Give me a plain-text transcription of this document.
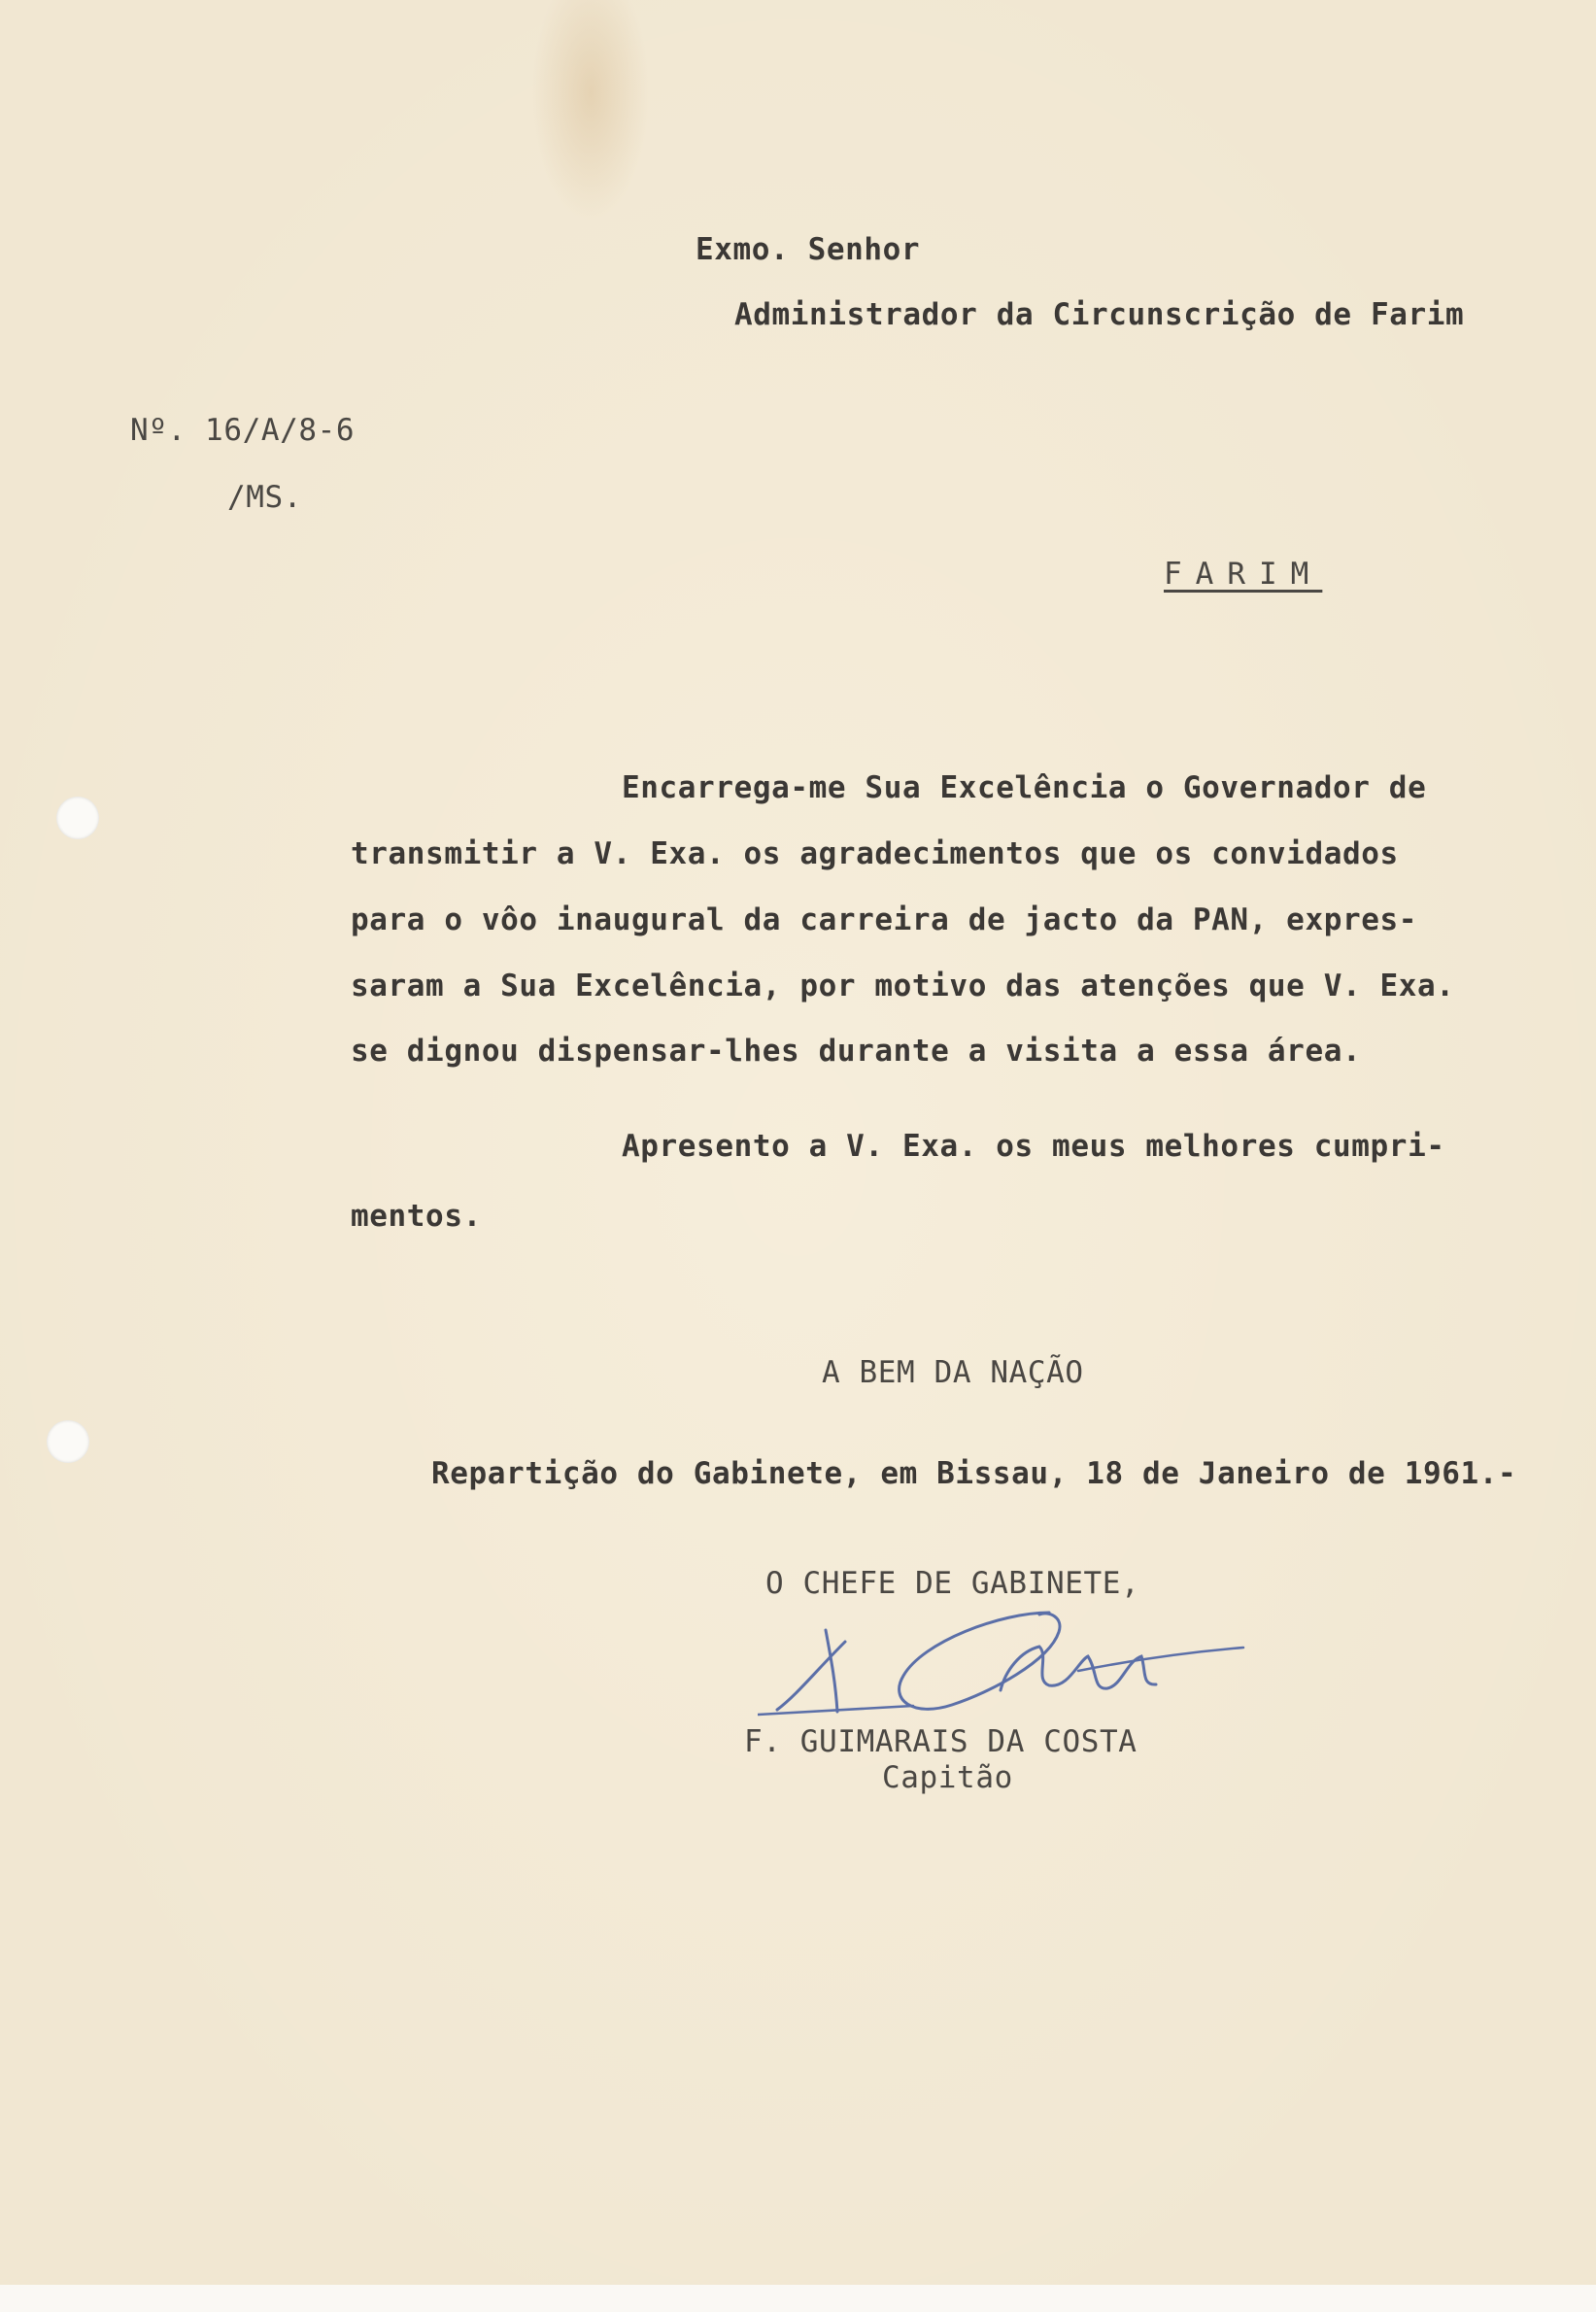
Exmo. Senhor
Administrador da Circunscrição de Farim
Nº. 16/A/8-6
/MS.
FARIM
Encarrega-me Sua Excelência o Governador de
transmitir a V. Exa. os agradecimentos que os convidados
para o vôo inaugural da carreira de jacto da PAN, expres-
saram a Sua Excelência, por motivo das atenções que V. Exa.
se dignou dispensar-lhes durante a visita a essa área.
Apresento a V. Exa. os meus melhores cumpri-
mentos.
A BEM DA NAÇÃO
Repartição do Gabinete, em Bissau, 18 de Janeiro de 1961.-
O CHEFE DE GABINETE,
F. GUIMARAIS DA COSTA
Capitão
